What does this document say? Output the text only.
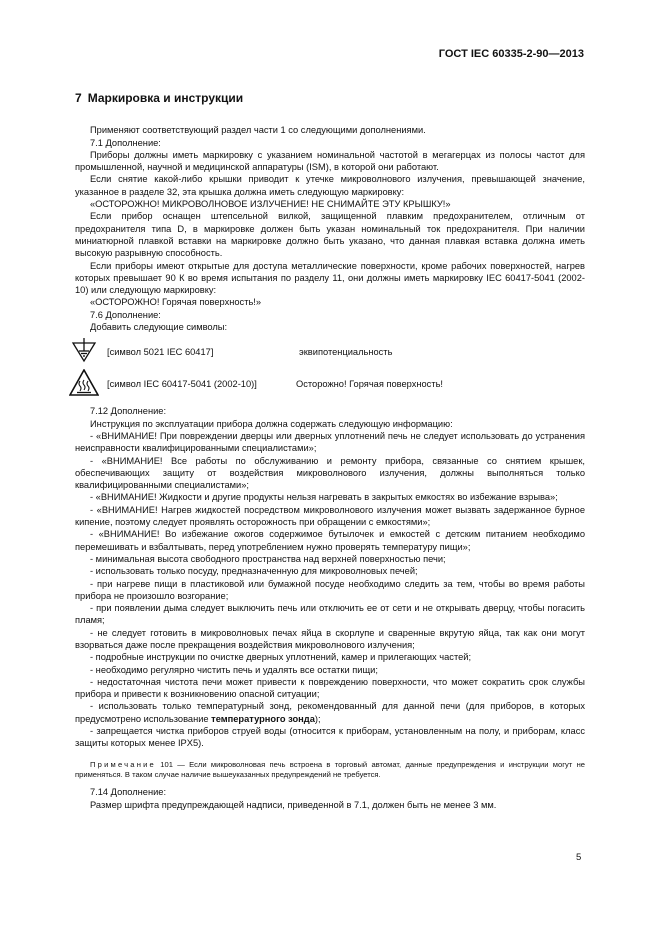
ГОСТ IEC 60335-2-90—2013
7 Маркировка и инструкции

Применяют соответствующий раздел части 1 со следующими дополнениями.

7.1 Дополнение:

Приборы должны иметь маркировку с указанием номинальной частотой в мегагерцах из полосы частот для промышленной, научной и медицинской аппаратуры (ISM), в которой они работают.

Если снятие какой-либо крышки приводит к утечке микроволнового излучения, превышающей значение, указанное в разделе 32, эта крышка должна иметь следующую маркировку:

«ОСТОРОЖНО! МИКРОВОЛНОВОЕ ИЗЛУЧЕНИЕ! НЕ СНИМАЙТЕ ЭТУ КРЫШКУ!»

Если прибор оснащен штепсельной вилкой, защищенной плавким предохранителем, отличным от предохранителя типа D, в маркировке должен быть указан номинальный ток предохранителя. При наличии миниатюрной плавкой вставки на маркировке должно быть указано, что данная плавкая вставка должна иметь высокую разрывную способность.

Если приборы имеют открытые для доступа металлические поверхности, кроме рабочих поверхностей, нагрев которых превышает 90 К во время испытания по разделу 11, они должны иметь маркировку IEC 60417-5041 (2002-10) или следующую маркировку:

«ОСТОРОЖНО! Горячая поверхность!»

7.6 Дополнение:

Добавить следующие символы:

[символ 5021 IEC 60417]	эквипотенциальность
[символ IEC 60417-5041 (2002-10)]	Осторожно! Горячая поверхность!

7.12 Дополнение:

Инструкция по эксплуатации прибора должна содержать следующую информацию:

- «ВНИМАНИЕ! При повреждении дверцы или дверных уплотнений печь не следует использовать до устранения неисправности квалифицированными специалистами»;

- «ВНИМАНИЕ! Все работы по обслуживанию и ремонту прибора, связанные со снятием крышек, обеспечивающих защиту от воздействия микроволнового излучения, должны выполняться только квалифицированными специалистами»;

- «ВНИМАНИЕ! Жидкости и другие продукты нельзя нагревать в закрытых емкостях во избежание взрыва»;

- «ВНИМАНИЕ! Нагрев жидкостей посредством микроволнового излучения может вызвать задержанное бурное кипение, поэтому следует проявлять осторожность при обращении с емкостями»;

- «ВНИМАНИЕ! Во избежание ожогов содержимое бутылочек и емкостей с детским питанием необходимо перемешивать и взбалтывать, перед употреблением нужно проверять температуру пищи»;

- минимальная высота свободного пространства над верхней поверхностью печи;

- использовать только посуду, предназначенную для микроволновых печей;

- при нагреве пищи в пластиковой или бумажной посуде необходимо следить за тем, чтобы во время работы прибора не произошло возгорание;

- при появлении дыма следует выключить печь или отключить ее от сети и не открывать дверцу, чтобы погасить пламя;

- не следует готовить в микроволновых печах яйца в скорлупе и сваренные вкрутую яйца, так как они могут взорваться даже после прекращения воздействия микроволнового излучения;

- подробные инструкции по очистке дверных уплотнений, камер и прилегающих частей;

- необходимо регулярно чистить печь и удалять все остатки пищи;

- недостаточная чистота печи может привести к повреждению поверхности, что может сократить срок службы прибора и привести к возникновению опасной ситуации;

- использовать только температурный зонд, рекомендованный для данной печи (для приборов, в которых предусмотрено использование температурного зонда);

- запрещается чистка приборов струей воды (относится к приборам, установленным на полу, и приборам, класс защиты которых менее IPX5).

Примечание 101 — Если микроволновая печь встроена в торговый автомат, данные предупреждения и инструкции могут не применяться. В таком случае наличие вышеуказанных предупреждений не требуется.

7.14 Дополнение:

Размер шрифта предупреждающей надписи, приведенной в 7.1, должен быть не менее 3 мм.

5
